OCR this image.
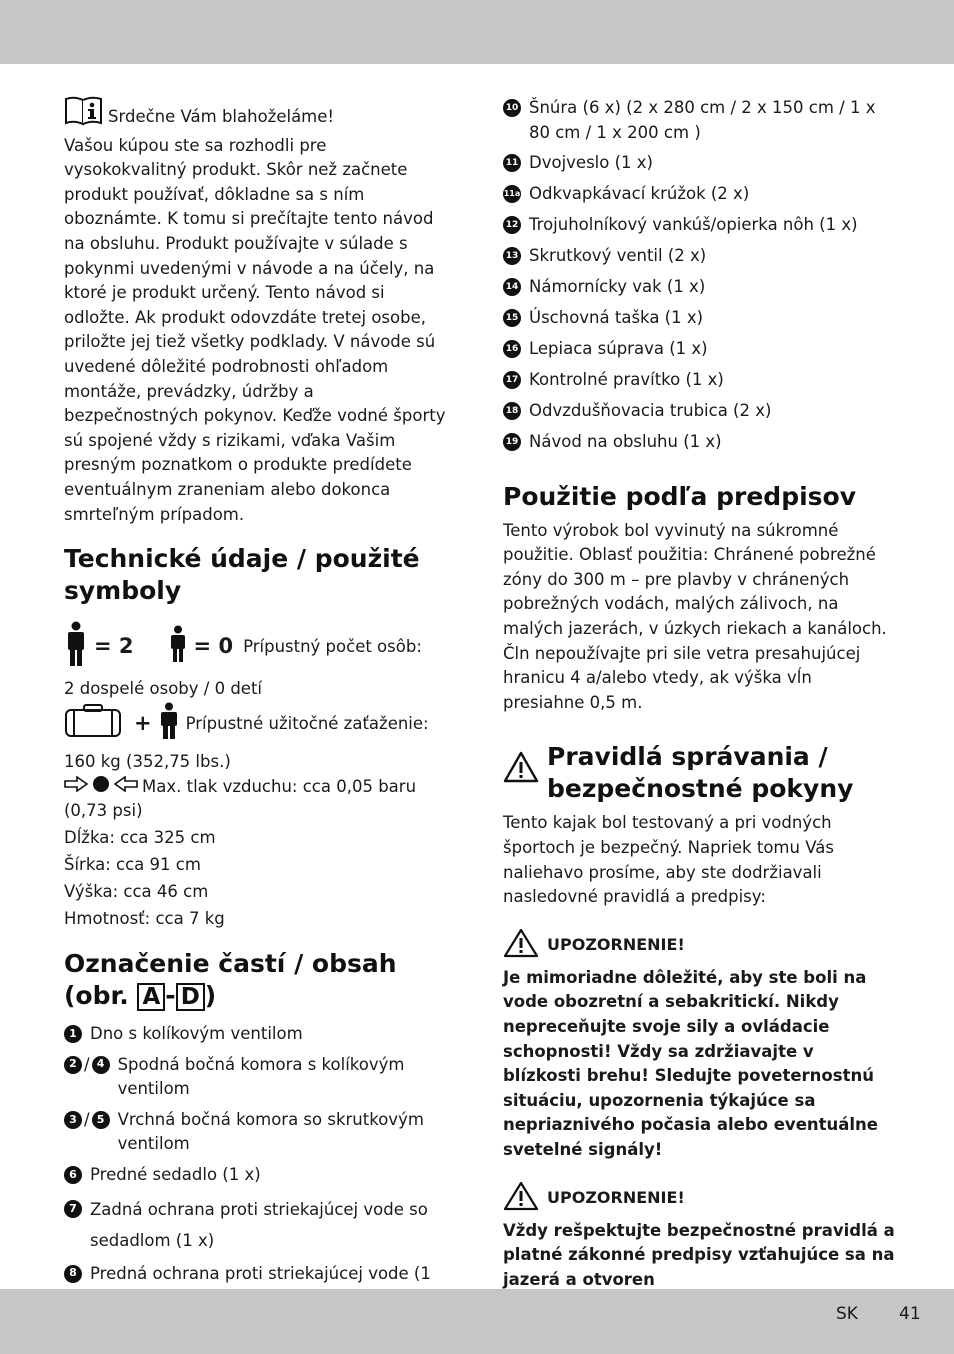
Srdečne Vám blahoželáme!

Vašou kúpou ste sa rozhodli pre vysokokvalitný produkt. Skôr než začnete produkt používať, dôkladne sa s ním oboznámte. K tomu si prečítajte tento návod na obsluhu. Produkt používajte v súlade s pokynmi uvedenými v návode a na účely, na ktoré je produkt určený. Tento návod si odložte. Ak produkt odovzdáte tretej osobe, priložte jej tiež všetky podklady. V návode sú uvedené dôležité podrobnosti ohľadom montáže, prevádzky, údržby a bezpečnostných pokynov. Keďže vodné športy sú spojené vždy s rizikami, vďaka Vašim presným poznatkom o produkte predídete eventuálnym zraneniam alebo dokonca smrteľným prípadom.

Technické údaje / použité symboly
= 2	= 0 Prípustný počet osôb:

2 dospelé osoby / 0 detí

+ Prípustné užitočné zaťaženie:

160 kg (352,75 lbs.)

Max. tlak vzduchu: cca 0,05 baru

(0,73 psi)

Dĺžka: cca 325 cm

Šírka: cca 91 cm

Výška: cca 46 cm

Hmotnosť: cca 7 kg

Označenie častí / obsah
(obr. A - D )
1 Dno s kolíkovým ventilom
2 / 4 Spodná bočná komora s kolíkovým ventilom
3 / 5 Vrchná bočná komora so skrutkovým ventilom
6 Predné sedadlo (1 x)
7 Zadná ochrana proti striekajúcej vode so sedadlom (1 x)
8 Predná ochrana proti striekajúcej vode (1
10 Šnúra (6 x) (2 x 280 cm / 2 x 150 cm / 1 x 80 cm / 1 x 200 cm )
11 Dvojveslo (1 x)
11a Odkvapkávací krúžok (2 x)
12 Trojuholníkový vankúš/opierka nôh (1 x)
13 Skrutkový ventil (2 x)
14 Námornícky vak (1 x)
15 Úschovná taška (1 x)
16 Lepiaca súprava (1 x)
17 Kontrolné pravítko (1 x)
18 Odvzdušňovacia trubica (2 x)
19 Návod na obsluhu (1 x)
Použitie podľa predpisov

Tento výrobok bol vyvinutý na súkromné použitie. Oblasť použitia: Chránené pobrežné zóny do 300 m – pre plavby v chránených pobrežných vodách, malých zálivoch, na malých jazerách, v úzkych riekach a kanáloch. Čln nepoužívajte pri sile vetra presahujúcej hranicu 4 a/alebo vtedy, ak výška vĺn presiahne 0,5 m.

Pravidlá správania / bezpečnostné pokyny

Tento kajak bol testovaný a pri vodných športoch je bezpečný. Napriek tomu Vás naliehavo prosíme, aby ste dodržiavali nasledovné pravidlá a predpisy:

UPOZORNENIE!

Je mimoriadne dôležité, aby ste boli na vode obozretní a sebakritickí. Nikdy nepreceňujte svoje sily a ovládacie schopnosti! Vždy sa zdržiavajte v blízkosti brehu! Sledujte poveternostnú situáciu, upozornenia týkajúce sa nepriaznivého počasia alebo eventuálne svetelné signály!

UPOZORNENIE!

Vždy rešpektujte bezpečnostné pravidlá a platné zákonné predpisy vzťahujúce sa na jazerá a otvoren

SK 41
